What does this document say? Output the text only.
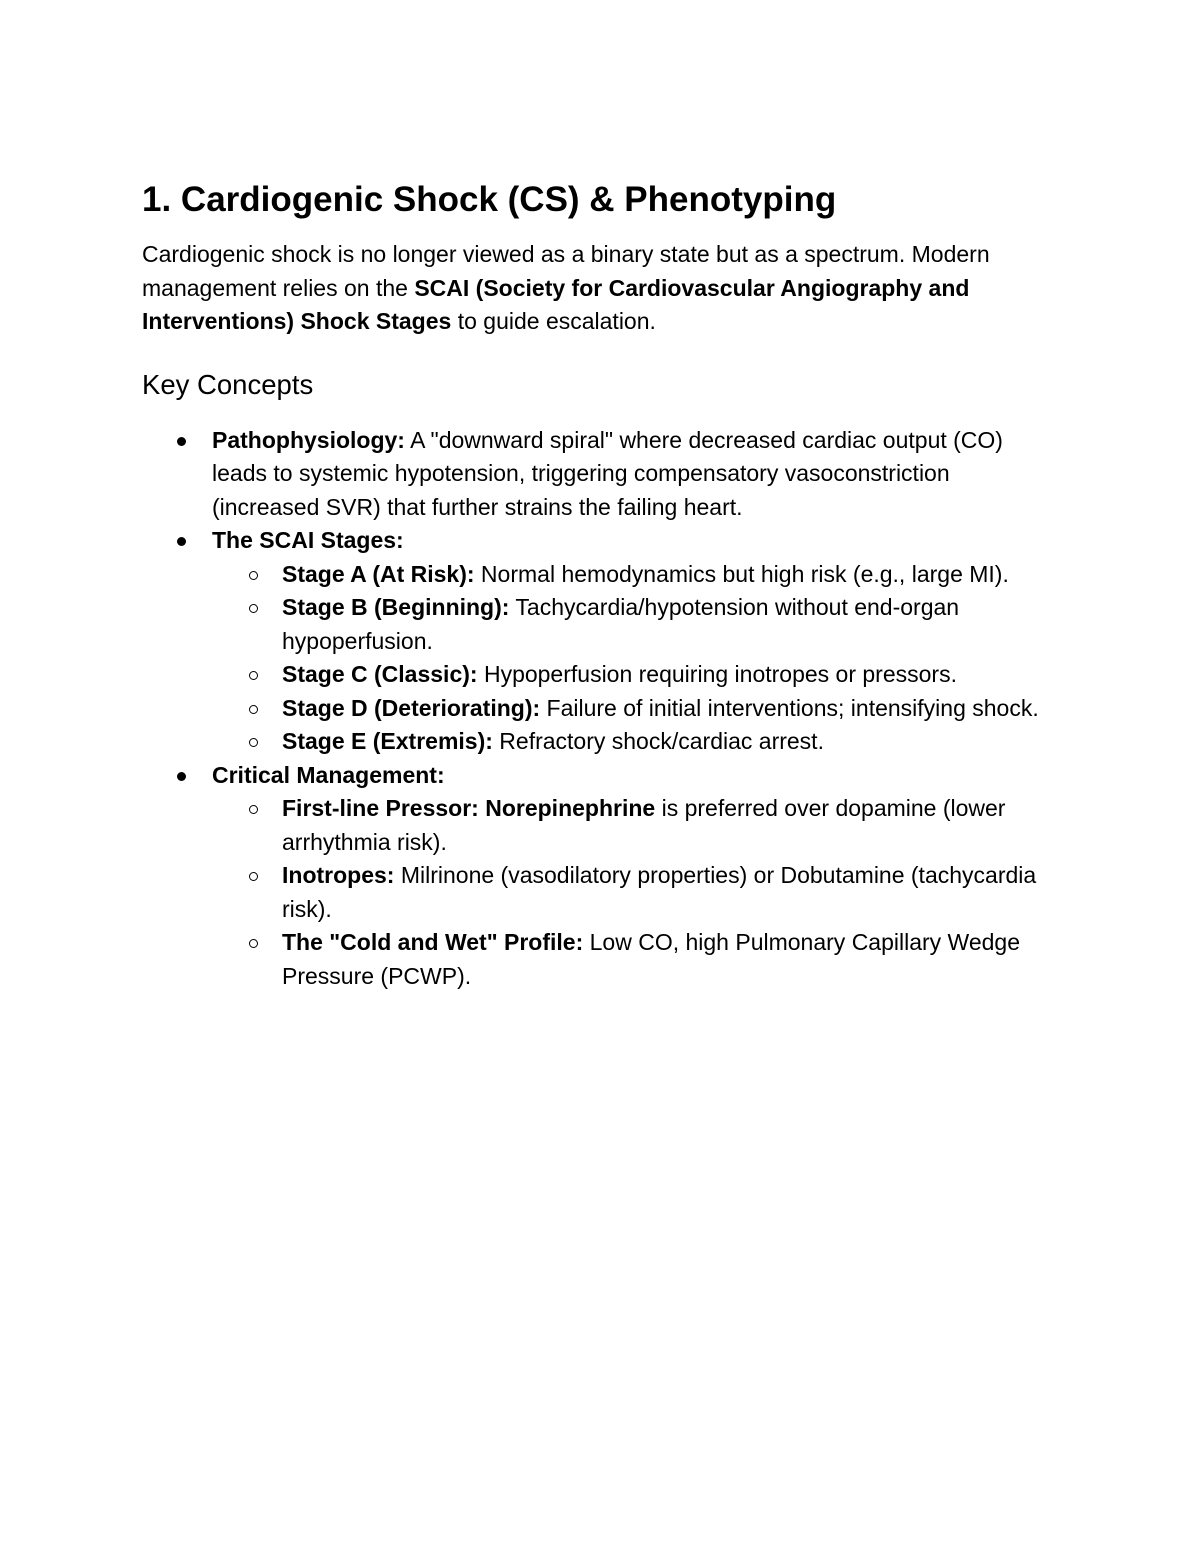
1. Cardiogenic Shock (CS) & Phenotyping

Cardiogenic shock is no longer viewed as a binary state but as a spectrum. Modern management relies on the SCAI (Society for Cardiovascular Angiography and Interventions) Shock Stages to guide escalation.

Key Concepts
Pathophysiology: A "downward spiral" where decreased cardiac output (CO) leads to systemic hypotension, triggering compensatory vasoconstriction (increased SVR) that further strains the failing heart.
The SCAI Stages:
Stage A (At Risk): Normal hemodynamics but high risk (e.g., large MI).
Stage B (Beginning): Tachycardia/hypotension without end-organ hypoperfusion.
Stage C (Classic): Hypoperfusion requiring inotropes or pressors.
Stage D (Deteriorating): Failure of initial interventions; intensifying shock.
Stage E (Extremis): Refractory shock/cardiac arrest.
Critical Management:
First-line Pressor: Norepinephrine is preferred over dopamine (lower arrhythmia risk).
Inotropes: Milrinone (vasodilatory properties) or Dobutamine (tachycardia risk).
The "Cold and Wet" Profile: Low CO, high Pulmonary Capillary Wedge Pressure (PCWP).
